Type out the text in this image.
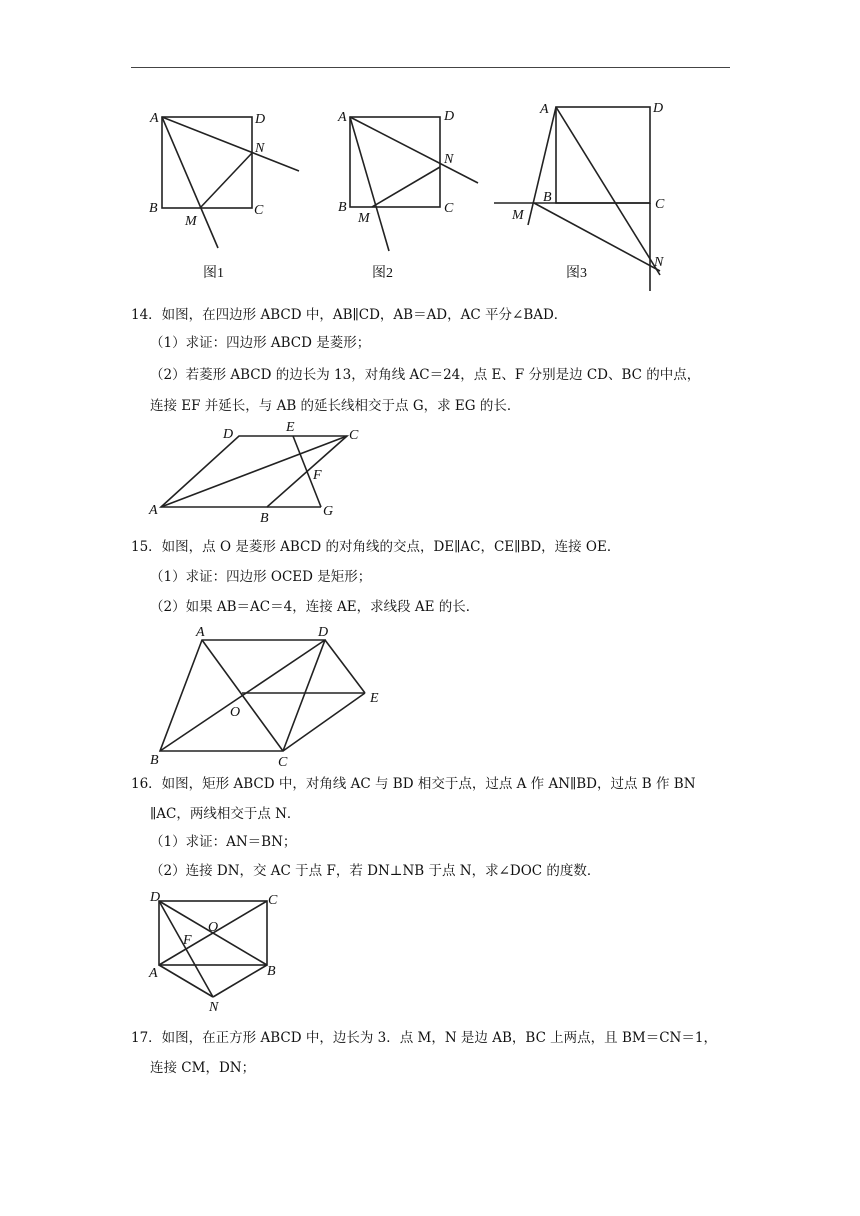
A	D
N
B
M
C
图1
A	D
N
B
M
C
图2
A	D
B	C
M
N
图3
14．如图，在四边形 ABCD 中，AB∥CD，AB＝AD，AC 平分∠BAD．
（1）求证：四边形 ABCD 是菱形；
（2）若菱形 ABCD 的边长为 13，对角线 AC＝24，点 E、F 分别是边 CD、BC 的中点，
连接 EF 并延长，与 AB 的延长线相交于点 G，求 EG 的长．
D	E
C
F
A
B	G
15．如图，点 O 是菱形 ABCD 的对角线的交点，DE∥AC，CE∥BD，连接 OE．
（1）求证：四边形 OCED 是矩形；
（2）如果 AB＝AC＝4，连接 AE，求线段 AE 的长．
A	D
E
O
B	C
16．如图，矩形 ABCD 中，对角线 AC 与 BD 相交于点，过点 A 作 AN∥BD，过点 B 作 BN
∥AC，两线相交于点 N．
（1）求证：AN＝BN；
（2）连接 DN，交 AC 于点 F，若 DN⊥NB 于点 N，求∠DOC 的度数．
D	C
O
F
A	B
N
17．如图，在正方形 ABCD 中，边长为 3．点 M，N 是边 AB，BC 上两点，且 BM＝CN＝1，
连接 CM，DN；
